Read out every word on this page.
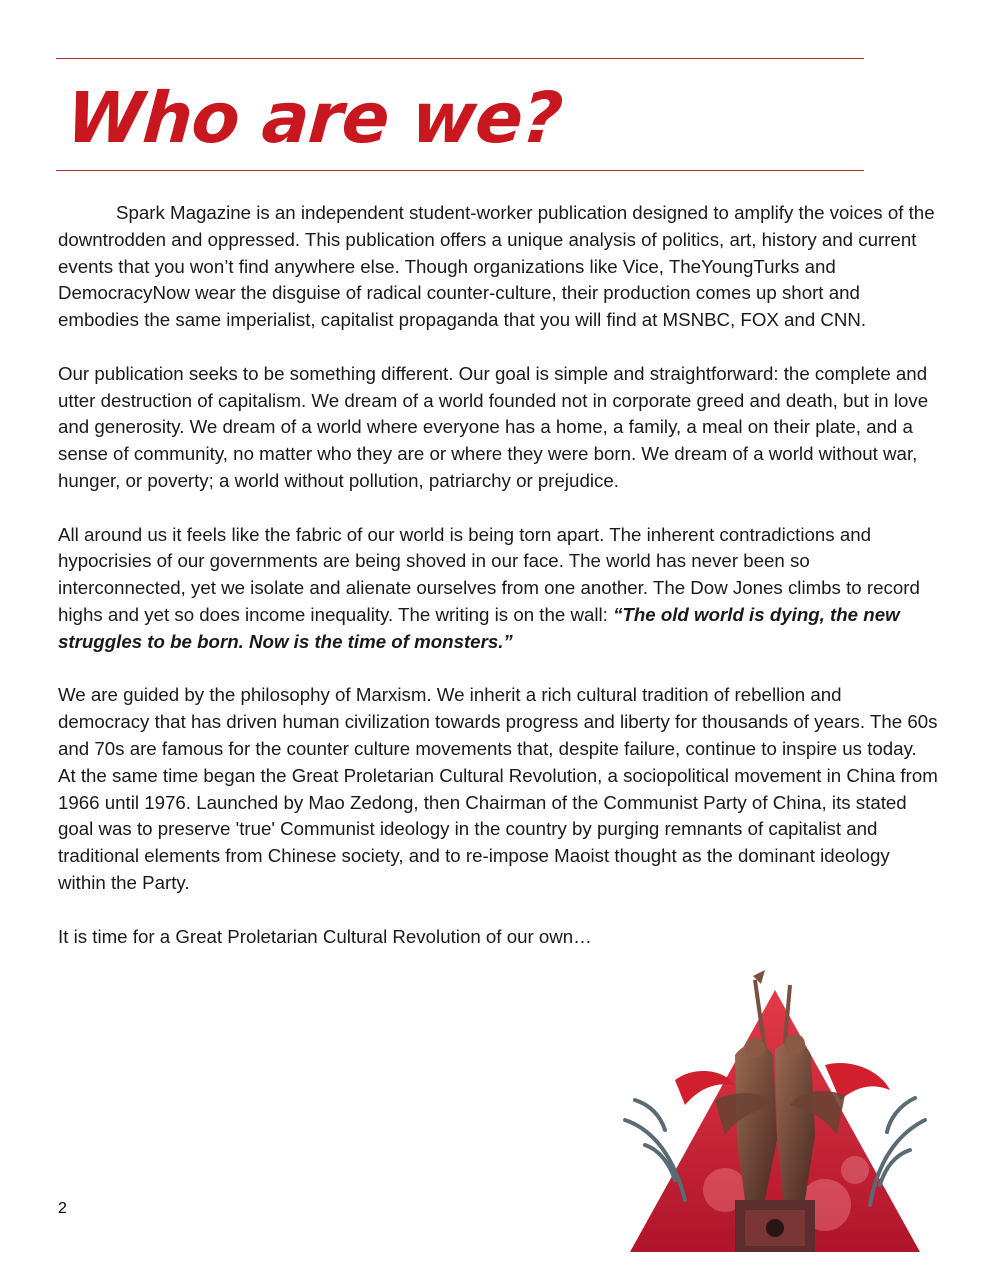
Who are we?

Spark Magazine is an independent student-worker publication designed to amplify the voices of the downtrodden and oppressed. This publication offers a unique analysis of politics, art, history and current events that you won’t find anywhere else. Though organizations like Vice, TheYoungTurks and DemocracyNow wear the disguise of radical counter-culture, their production comes up short and embodies the same imperialist, capitalist propaganda that you will find at MSNBC, FOX and CNN.

Our publication seeks to be something different. Our goal is simple and straightforward: the complete and utter destruction of capitalism. We dream of a world founded not in corporate greed and death, but in love and generosity. We dream of a world where everyone has a home, a family, a meal on their plate, and a sense of community, no matter who they are or where they were born. We dream of a world without war, hunger, or poverty; a world without pollution, patriarchy or prejudice.

All around us it feels like the fabric of our world is being torn apart. The inherent contradictions and hypocrisies of our governments are being shoved in our face. The world has never been so interconnected, yet we isolate and alienate ourselves from one another. The Dow Jones climbs to record highs and yet so does income inequality. The writing is on the wall: “The old world is dying, the new struggles to be born. Now is the time of monsters.”

We are guided by the philosophy of Marxism. We inherit a rich cultural tradition of rebellion and democracy that has driven human civilization towards progress and liberty for thousands of years. The 60s and 70s are famous for the counter culture movements that, despite failure, continue to inspire us today. At the same time began the Great Proletarian Cultural Revolution, a sociopolitical movement in China from 1966 until 1976. Launched by Mao Zedong, then Chairman of the Communist Party of China, its stated goal was to preserve 'true' Communist ideology in the country by purging remnants of capitalist and traditional elements from Chinese society, and to re-impose Maoist thought as the dominant ideology within the Party.

It is time for a Great Proletarian Cultural Revolution of our own…

2
